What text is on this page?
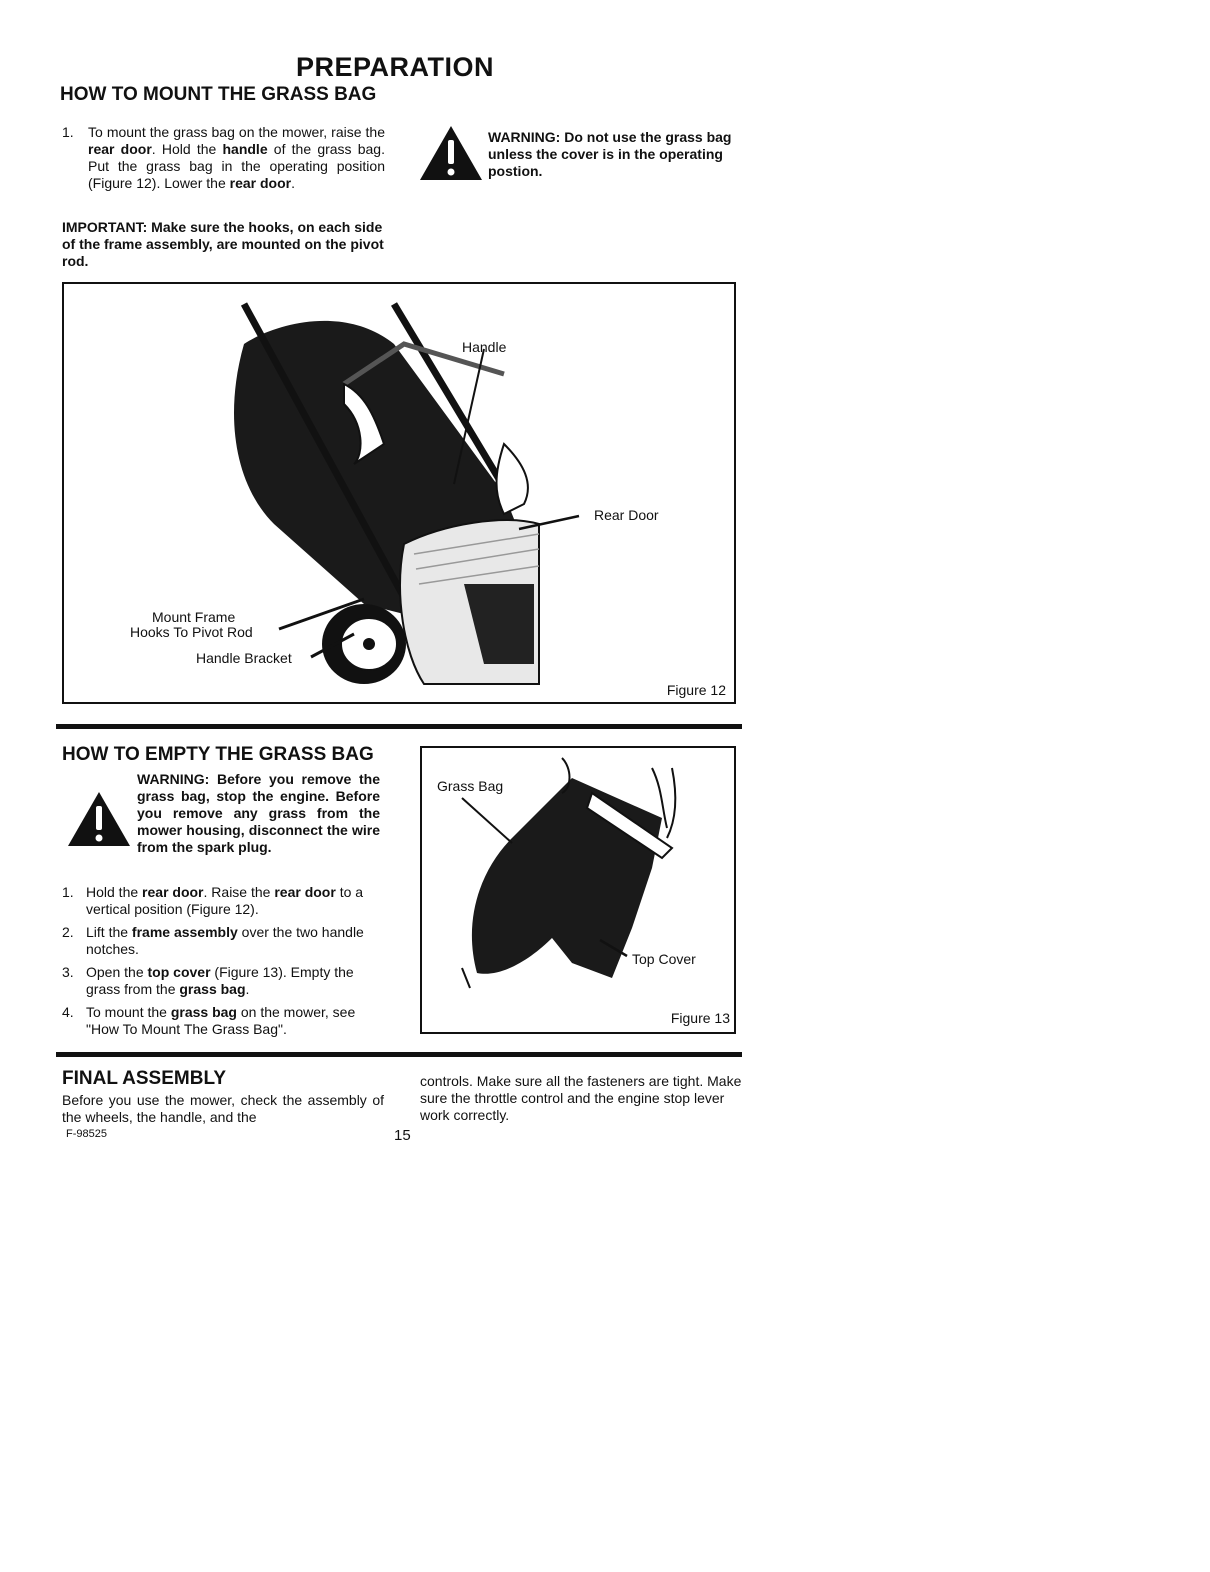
PREPARATION
HOW TO MOUNT THE GRASS BAG
1.	To mount the grass bag on the mower, raise the rear door. Hold the handle of the grass bag. Put the grass bag in the operating position (Figure 12). Lower the rear door.
IMPORTANT: Make sure the hooks, on each side of the frame assembly, are mounted on the pivot rod.
WARNING: Do not use the grass bag unless the cover is in the operating postion.
Handle
Rear Door
Mount Frame
Hooks To Pivot Rod
Handle Bracket
Figure 12
HOW TO EMPTY THE GRASS BAG
WARNING: Before you remove the grass bag, stop the engine. Before you remove any grass from the mower housing, disconnect the wire from the spark plug.
1. Hold the rear door. Raise the rear door to a vertical position (Figure 12).
2. Lift the frame assembly over the two handle notches.
3. Open the top cover (Figure 13). Empty the grass from the grass bag.
4. To mount the grass bag on the mower, see "How To Mount The Grass Bag".
Grass Bag
Top Cover
Figure 13
FINAL ASSEMBLY
Before you use the mower, check the assembly of the wheels, the handle, and the
controls. Make sure all the fasteners are tight. Make sure the throttle control and the engine stop lever work correctly.
F-98525	15
